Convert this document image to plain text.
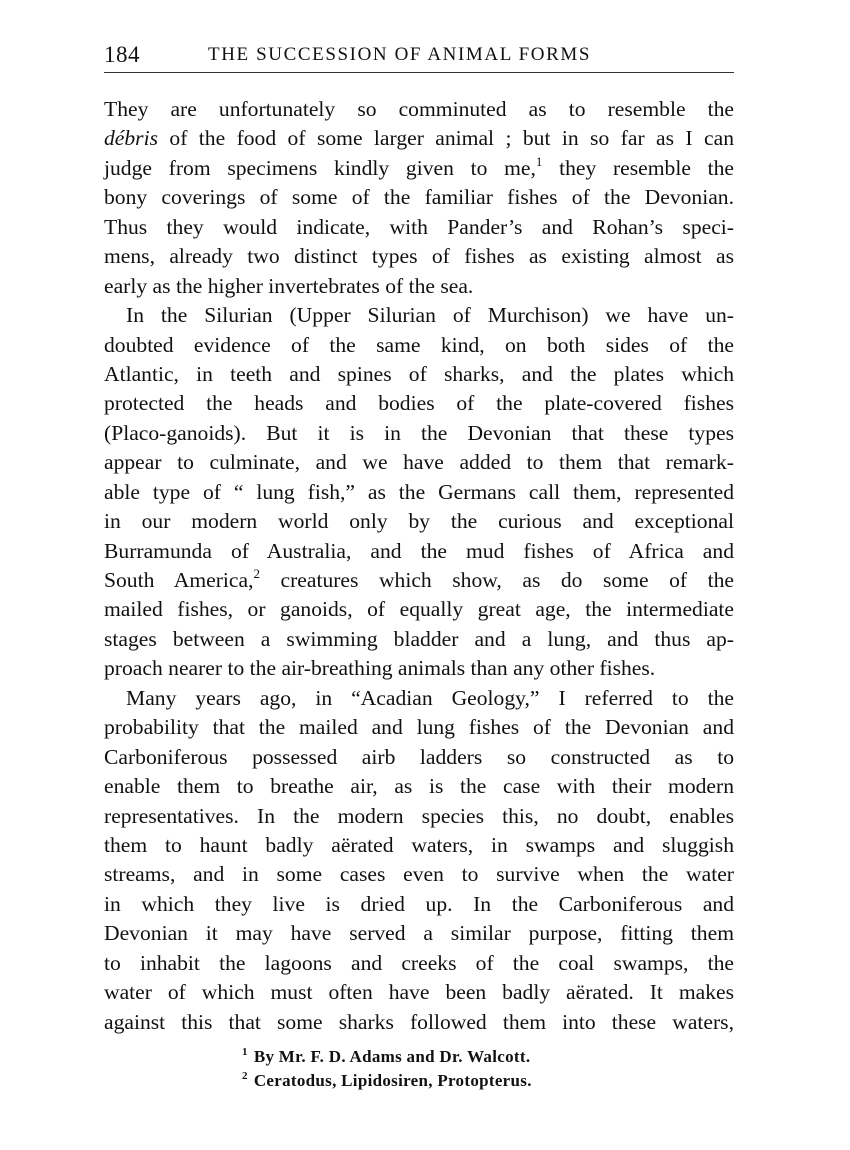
184	THE SUCCESSION OF ANIMAL FORMS
They are unfortunately so comminuted as to resemble the
débris of the food of some larger animal ; but in so far as I can
judge from specimens kindly given to me,$^1$ they resemble the
bony coverings of some of the familiar fishes of the Devonian.
Thus they would indicate, with Pander’s and Rohan’s speci-
mens, already two distinct types of fishes as existing almost as
early as the higher invertebrates of the sea.
In the Silurian (Upper Silurian of Murchison) we have un-
doubted evidence of the same kind, on both sides of the
Atlantic, in teeth and spines of sharks, and the plates which
protected the heads and bodies of the plate-covered fishes
(Placo-ganoids). But it is in the Devonian that these types
appear to culminate, and we have added to them that remark-
able type of “ lung fish,” as the Germans call them, represented
in our modern world only by the curious and exceptional
Burramunda of Australia, and the mud fishes of Africa and
South America,$^2$ creatures which show, as do some of the
mailed fishes, or ganoids, of equally great age, the intermediate
stages between a swimming bladder and a lung, and thus ap-
proach nearer to the air-breathing animals than any other fishes.
Many years ago, in “Acadian Geology,” I referred to the
probability that the mailed and lung fishes of the Devonian and
Carboniferous possessed airb ladders so constructed as to
enable them to breathe air, as is the case with their modern
representatives. In the modern species this, no doubt, enables
them to haunt badly aërated waters, in swamps and sluggish
streams, and in some cases even to survive when the water
in which they live is dried up. In the Carboniferous and
Devonian it may have served a similar purpose, fitting them
to inhabit the lagoons and creeks of the coal swamps, the
water of which must often have been badly aërated. It makes
against this that some sharks followed them into these waters,
$^1$ By Mr. F. D. Adams and Dr. Walcott.
$^2$ Ceratodus, Lipidosiren, Protopterus.
